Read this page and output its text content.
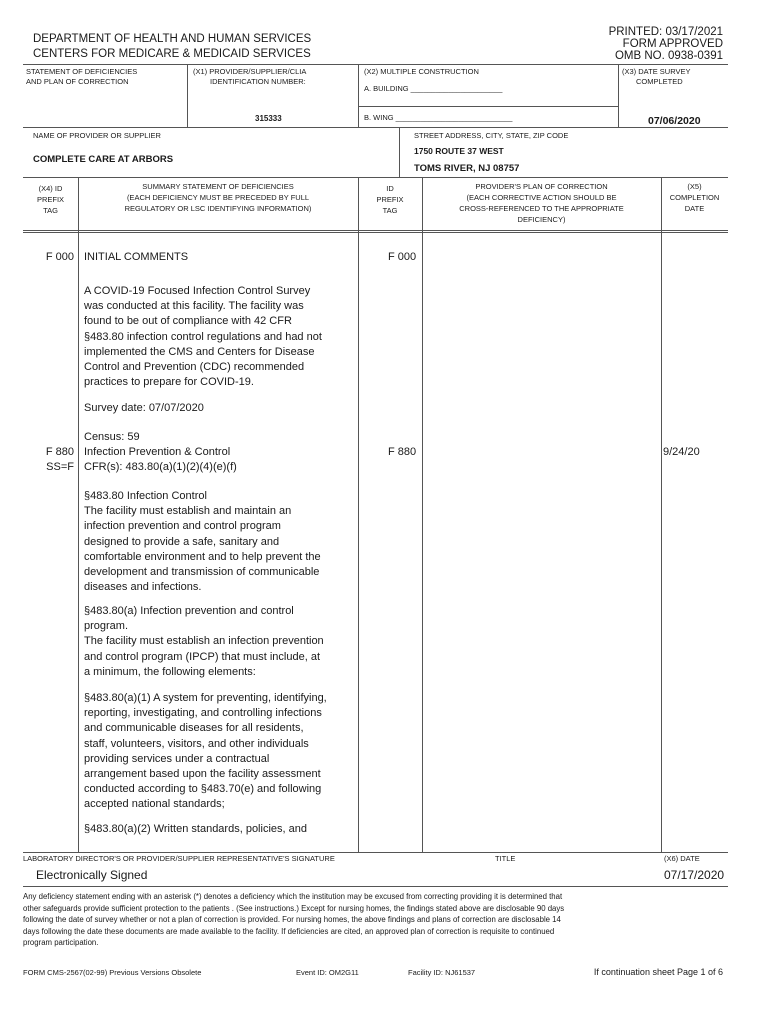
DEPARTMENT OF HEALTH AND HUMAN SERVICES
CENTERS FOR MEDICARE & MEDICAID SERVICES
PRINTED: 03/17/2021
FORM APPROVED
OMB NO. 0938-0391
STATEMENT OF DEFICIENCIES
AND PLAN OF CORRECTION
(X1) PROVIDER/SUPPLIER/CLIA
IDENTIFICATION NUMBER:
315333
(X2) MULTIPLE CONSTRUCTION
A. BUILDING ______________________
B. WING ____________________________
(X3) DATE SURVEY
COMPLETED
07/06/2020
NAME OF PROVIDER OR SUPPLIER
COMPLETE CARE AT ARBORS
STREET ADDRESS, CITY, STATE, ZIP CODE
1750 ROUTE 37 WEST
TOMS RIVER, NJ 08757
(X4) ID
PREFIX
TAG
SUMMARY STATEMENT OF DEFICIENCIES
(EACH DEFICIENCY MUST BE PRECEDED BY FULL
REGULATORY OR LSC IDENTIFYING INFORMATION)
ID
PREFIX
TAG
PROVIDER'S PLAN OF CORRECTION
(EACH CORRECTIVE ACTION SHOULD BE
CROSS-REFERENCED TO THE APPROPRIATE
DEFICIENCY)
(X5)
COMPLETION
DATE
F 000 INITIAL COMMENTS	F 000
A COVID-19 Focused Infection Control Survey
was conducted at this facility. The facility was
found to be out of compliance with 42 CFR
§483.80 infection control regulations and had not
implemented the CMS and Centers for Disease
Control and Prevention (CDC) recommended
practices to prepare for COVID-19.
Survey date: 07/07/2020
Census: 59
F 880
SS=F
Infection Prevention & Control
CFR(s): 483.80(a)(1)(2)(4)(e)(f)
F 880	9/24/20
§483.80 Infection Control
The facility must establish and maintain an
infection prevention and control program
designed to provide a safe, sanitary and
comfortable environment and to help prevent the
development and transmission of communicable
diseases and infections.
§483.80(a) Infection prevention and control
program.
The facility must establish an infection prevention
and control program (IPCP) that must include, at
a minimum, the following elements:
§483.80(a)(1) A system for preventing, identifying,
reporting, investigating, and controlling infections
and communicable diseases for all residents,
staff, volunteers, visitors, and other individuals
providing services under a contractual
arrangement based upon the facility assessment
conducted according to §483.70(e) and following
accepted national standards;
§483.80(a)(2) Written standards, policies, and
LABORATORY DIRECTOR'S OR PROVIDER/SUPPLIER REPRESENTATIVE'S SIGNATURE
Electronically Signed
TITLE	(X6) DATE
07/17/2020
Any deficiency statement ending with an asterisk (*) denotes a deficiency which the institution may be excused from correcting providing it is determined that
other safeguards provide sufficient protection to the patients . (See instructions.) Except for nursing homes, the findings stated above are disclosable 90 days
following the date of survey whether or not a plan of correction is provided. For nursing homes, the above findings and plans of correction are disclosable 14
days following the date these documents are made available to the facility. If deficiencies are cited, an approved plan of correction is requisite to continued
program participation.
FORM CMS-2567(02-99) Previous Versions Obsolete	Event ID: OM2G11	Facility ID: NJ61537	If continuation sheet Page 1 of 6
